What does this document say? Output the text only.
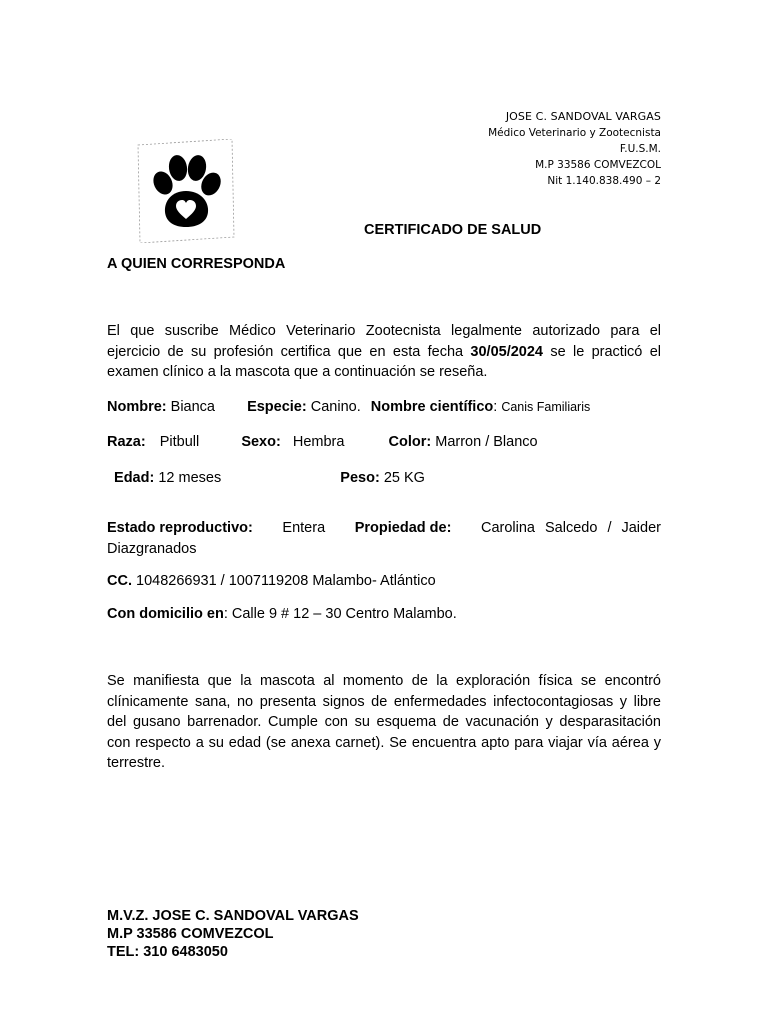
JOSE C. SANDOVAL VARGAS
Médico Veterinario y Zootecnista
F.U.S.M.
M.P 33586 COMVEZCOL
Nit 1.140.838.490 – 2
CERTIFICADO DE SALUD
A QUIEN CORRESPONDA
El que suscribe Médico Veterinario Zootecnista legalmente autorizado para el ejercicio de su profesión certifica que en esta fecha 30/05/2024 se le practicó el examen clínico a la mascota que a continuación se reseña.
Nombre: Bianca Especie: Canino. Nombre científico: Canis Familiaris
Raza: Pitbull	Sexo: Hembra	Color: Marron / Blanco
Edad: 12 meses	Peso: 25 KG
Estado reproductivo: Entera Propiedad de: Carolina Salcedo / Jaider
Diazgranados
CC. 1048266931 / 1007119208 Malambo- Atlántico
Con domicilio en: Calle 9 # 12 – 30 Centro Malambo.
Se manifiesta que la mascota al momento de la exploración física se encontró clínicamente sana, no presenta signos de enfermedades infectocontagiosas y libre del gusano barrenador. Cumple con su esquema de vacunación y desparasitación con respecto a su edad (se anexa carnet). Se encuentra apto para viajar vía aérea y terrestre.
M.V.Z. JOSE C. SANDOVAL VARGAS
M.P 33586 COMVEZCOL
TEL: 310 6483050
